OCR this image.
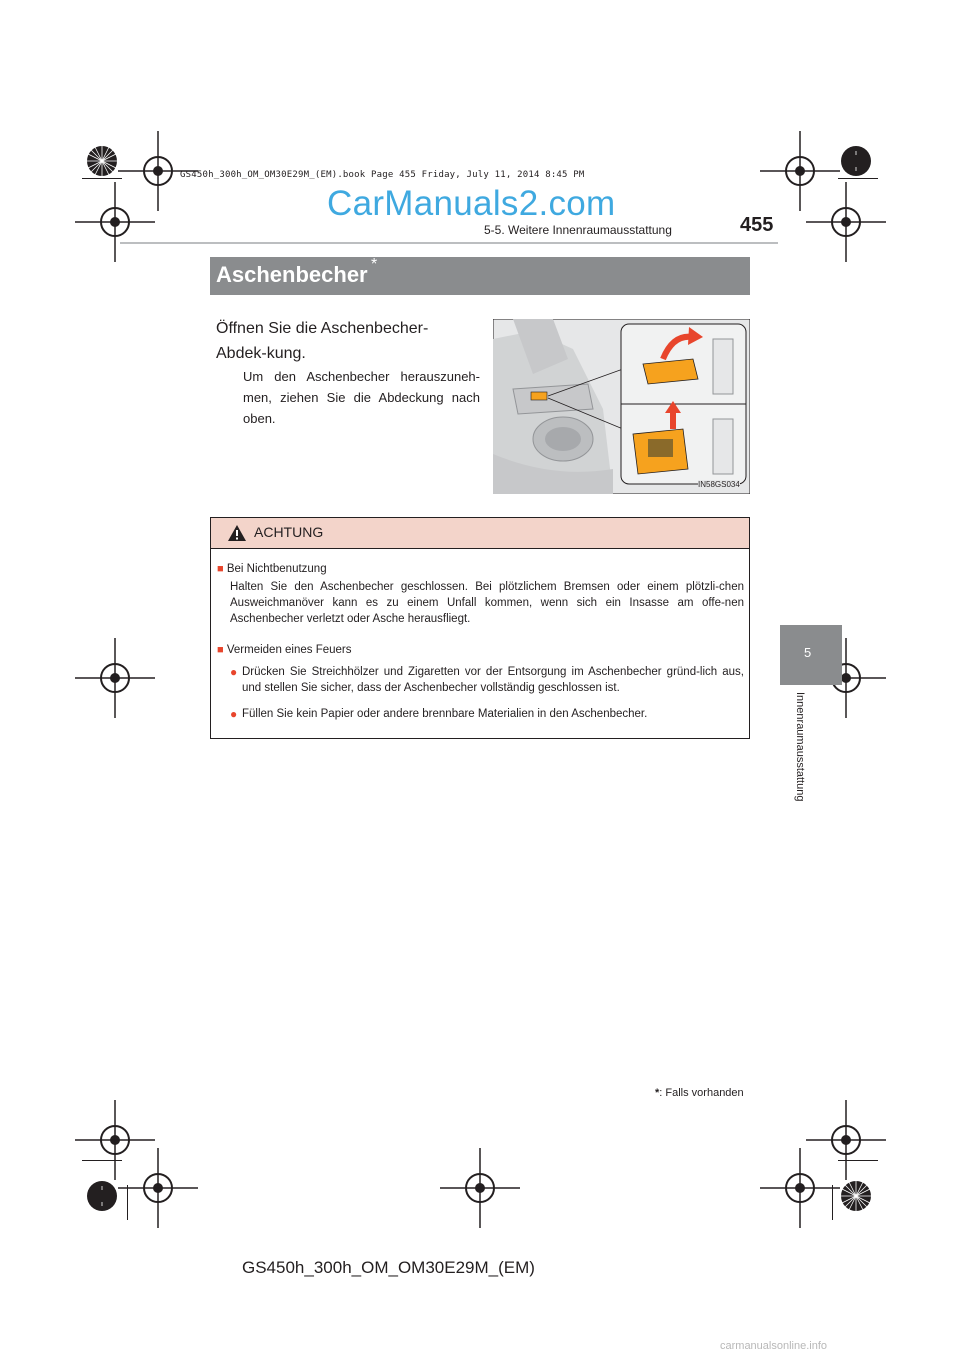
GS450h_300h_OM_OM30E29M_(EM).book Page 455 Friday, July 11, 2014 8:45 PM
CarManuals2.com
5-5. Weitere Innenraumausstattung	455
Aschenbecher *
Öffnen Sie die Aschenbecher-Abdek-kung.
Um den Aschenbecher herauszuneh-men, ziehen Sie die Abdeckung nach oben.
IN58GS034
5
Innenraumausstattung
ACHTUNG
■ Bei Nichtbenutzung
Halten Sie den Aschenbecher geschlossen. Bei plötzlichem Bremsen oder einem plötzli-chen Ausweichmanöver kann es zu einem Unfall kommen, wenn sich ein Insasse am offe-nen Aschenbecher verletzt oder Asche herausfliegt.
■ Vermeiden eines Feuers
● Drücken Sie Streichhölzer und Zigaretten vor der Entsorgung im Aschenbecher gründ-lich aus, und stellen Sie sicher, dass der Aschenbecher vollständig geschlossen ist.
● Füllen Sie kein Papier oder andere brennbare Materialien in den Aschenbecher.
*: Falls vorhanden
GS450h_300h_OM_OM30E29M_(EM)
carmanualsonline.info
